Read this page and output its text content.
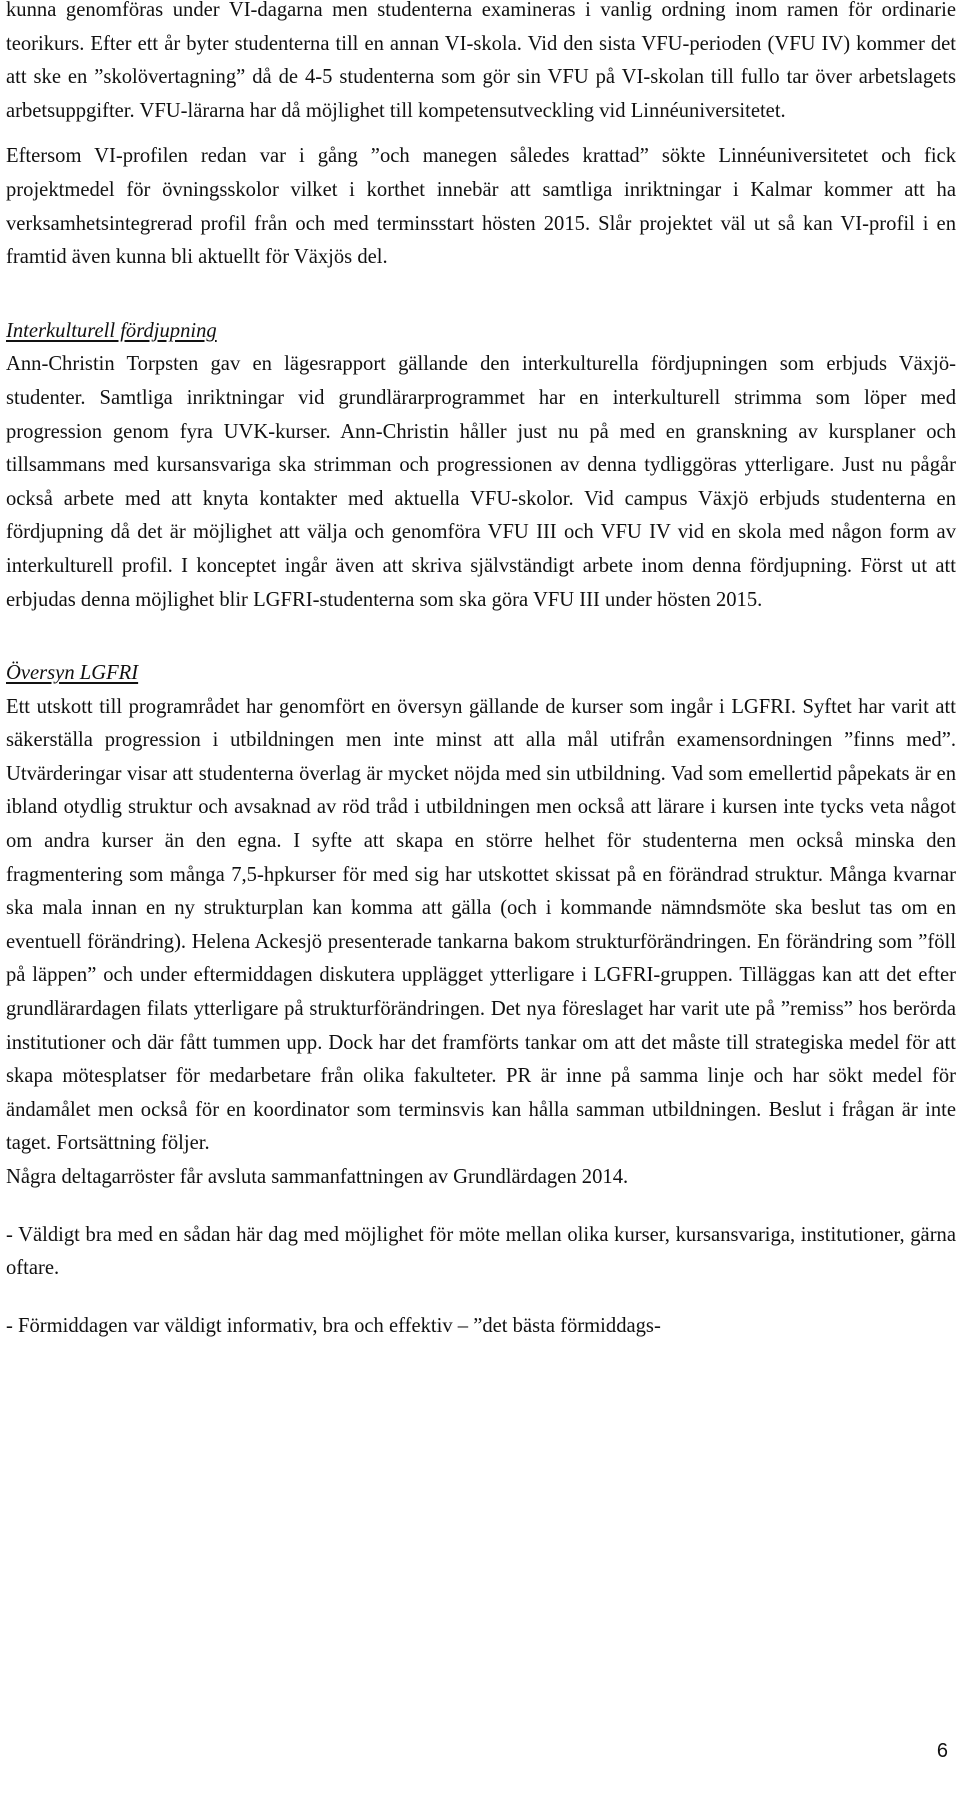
kunna genomföras under VI-dagarna men studenterna examineras i vanlig ordning inom ramen för ordinarie teorikurs. Efter ett år byter studenterna till en annan VI-skola. Vid den sista VFU-perioden (VFU IV) kommer det att ske en ”skolövertagning” då de 4-5 studenterna som gör sin VFU på VI-skolan till fullo tar över arbetslagets arbetsuppgifter. VFU-lärarna har då möjlighet till kompetensutveckling vid Linnéuniversitetet.

Eftersom VI-profilen redan var i gång ”och manegen således krattad” sökte Linnéuniversitetet och fick projektmedel för övningsskolor vilket i korthet innebär att samtliga inriktningar i Kalmar kommer att ha verksamhetsintegrerad profil från och med terminsstart hösten 2015. Slår projektet väl ut så kan VI-profil i en framtid även kunna bli aktuellt för Växjös del.

Interkulturell fördjupning

Ann-Christin Torpsten gav en lägesrapport gällande den interkulturella fördjupningen som erbjuds Växjö-studenter. Samtliga inriktningar vid grundlärarprogrammet har en interkulturell strimma som löper med progression genom fyra UVK-kurser. Ann-Christin håller just nu på med en granskning av kursplaner och tillsammans med kursansvariga ska strimman och progressionen av denna tydliggöras ytterligare. Just nu pågår också arbete med att knyta kontakter med aktuella VFU-skolor. Vid campus Växjö erbjuds studenterna en fördjupning då det är möjlighet att välja och genomföra VFU III och VFU IV vid en skola med någon form av interkulturell profil. I konceptet ingår även att skriva självständigt arbete inom denna fördjupning. Först ut att erbjudas denna möjlighet blir LGFRI-studenterna som ska göra VFU III under hösten 2015.

Översyn LGFRI

Ett utskott till programrådet har genomfört en översyn gällande de kurser som ingår i LGFRI. Syftet har varit att säkerställa progression i utbildningen men inte minst att alla mål utifrån examensordningen ”finns med”. Utvärderingar visar att studenterna överlag är mycket nöjda med sin utbildning. Vad som emellertid påpekats är en ibland otydlig struktur och avsaknad av röd tråd i utbildningen men också att lärare i kursen inte tycks veta något om andra kurser än den egna. I syfte att skapa en större helhet för studenterna men också minska den fragmentering som många 7,5-hpkurser för med sig har utskottet skissat på en förändrad struktur. Många kvarnar ska mala innan en ny strukturplan kan komma att gälla (och i kommande nämndsmöte ska beslut tas om en eventuell förändring). Helena Ackesjö presenterade tankarna bakom strukturförändringen. En förändring som ”föll på läppen” och under eftermiddagen diskutera upplägget ytterligare i LGFRI-gruppen. Tilläggas kan att det efter grundlärardagen filats ytterligare på strukturförändringen. Det nya föreslaget har varit ute på ”remiss” hos berörda institutioner och där fått tummen upp. Dock har det framförts tankar om att det måste till strategiska medel för att skapa mötesplatser för medarbetare från olika fakulteter. PR är inne på samma linje och har sökt medel för ändamålet men också för en koordinator som terminsvis kan hålla samman utbildningen. Beslut i frågan är inte taget. Fortsättning följer.

Några deltagarröster får avsluta sammanfattningen av Grundlärdagen 2014.

- Väldigt bra med en sådan här dag med möjlighet för möte mellan olika kurser, kursansvariga, institutioner, gärna oftare.

- Förmiddagen var väldigt informativ, bra och effektiv – ”det bästa förmiddags-

6
